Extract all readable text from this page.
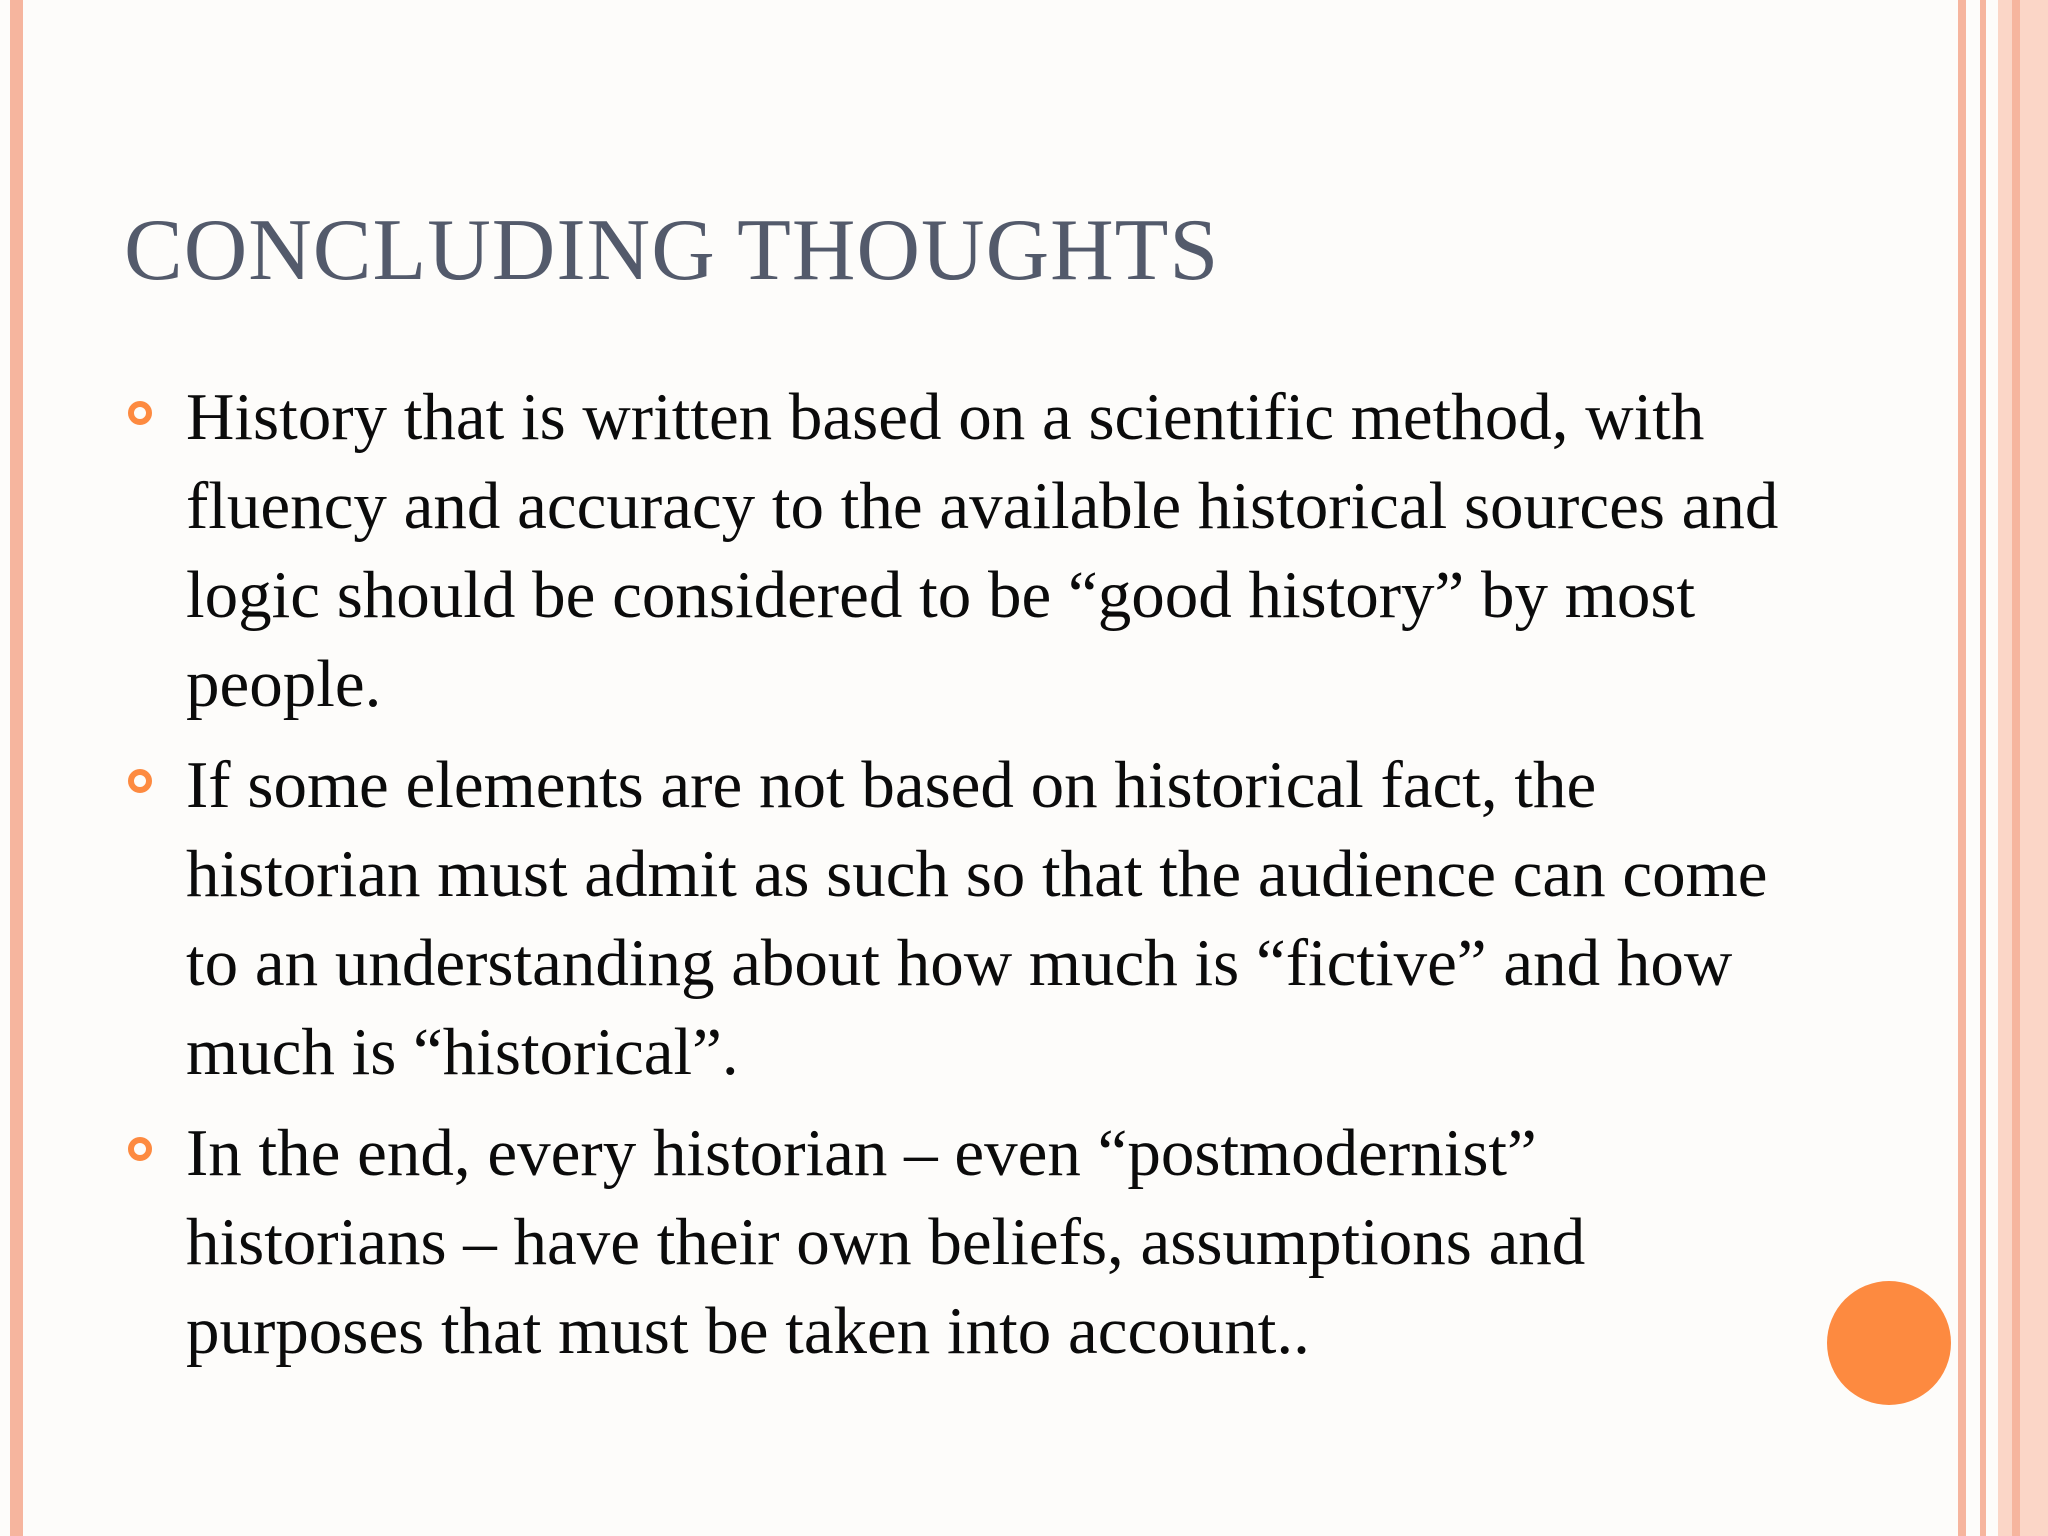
CONCLUDING THOUGHTS
History that is written based on a scientific method, with fluency and accuracy to the available historical sources and logic should be considered to be “good history” by most people.
If some elements are not based on historical fact, the historian must admit as such so that the audience can come to an understanding about how much is “fictive” and how much is “historical”.
In the end, every historian – even “postmodernist” historians – have their own beliefs, assumptions and purposes that must be taken into account..
